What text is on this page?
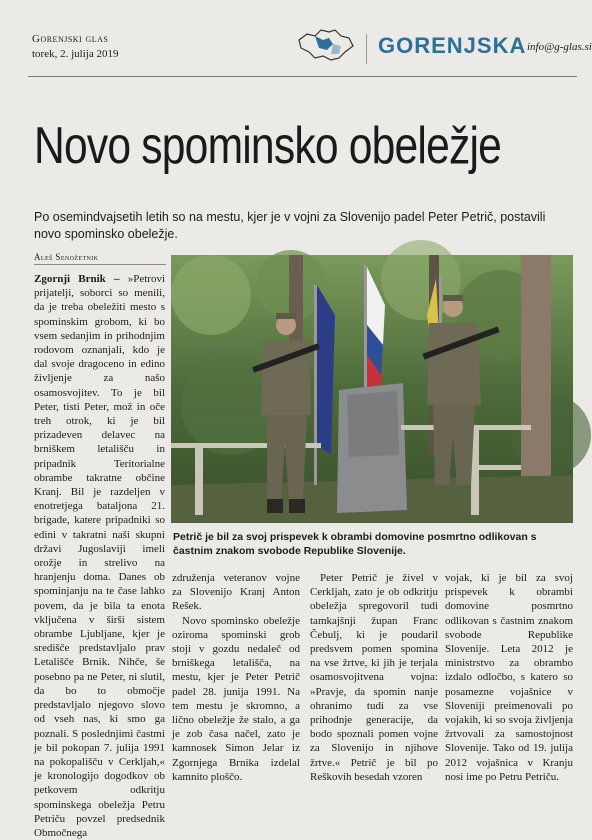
Gorenjski glas
torek, 2. julija 2019	GORENJSKA info@g-glas.si
Novo spominsko obeležje
Po osemindvajsetih letih so na mestu, kjer je v vojni za Slovenijo padel Peter Petrič, postavili novo spominsko obeležje.
Aleš Senožetnik

Zgornji Brnik – »Petrovi prijatelji, soborci so menili, da je treba obeležiti mesto s spominskim grobom, ki bo vsem sedanjim in prihodnjim rodovom oznanjali, kdo je dal svoje dragoceno in edino življenje za našo osamosvojitev. To je bil Peter, tisti Peter, mož in oče treh otrok, ki je bil prizadeven delavec na brniškem letališču in pripadnik Teritorialne obrambe takratne občine Kranj. Bil je razdeljen v enotretjega bataljona 21. brigade, katere pripadniki so edini v takratni naši skupni državi Jugoslaviji imeli orožje in strelivo na hranjenju doma. Danes ob spominjanju na te čase lahko povem, da je bila ta enota vključena v širši sistem obrambe Ljubljane, kjer je središče predstavljalo prav Letališče Brnik. Nihče, še posebno pa ne Peter, ni slutil, da bo to območje predstavljalo njegovo slovo od vseh nas, ki smo ga poznali. S poslednjimi častmi je bil pokopan 7. julija 1991 na pokopališču v Cerkljah,« je kronologijo dogodkov ob petkovem odkritju spominskega obeležja Petru Petriču povzel predsednik Območnega

Petrič je bil za svoj prispevek k obrambi domovine posmrtno odlikovan s častnim znakom svobode Republike Slovenije.

združenja veteranov vojne za Slovenijo Kranj Anton Rešek.

Novo spominsko obeležje oziroma spominski grob stoji v gozdu nedaleč od brniškega letališča, na mestu, kjer je Peter Petrič padel 28. junija 1991. Na tem mestu je skromno, a lično obeležje že stalo, a ga je zob časa načel, zato je kamnosek Simon Jelar iz Zgornjega Brnika izdelal kamnito ploščo.

Peter Petrič je živel v Cerkljah, zato je ob odkritju obeležja spregovoril tudi tamkajšnji župan Franc Čebulj, ki je poudaril predsvem pomen spomina na vse žrtve, ki jih je terjala osamosvojitvena vojna: »Pravje, da spomin nanje ohranimo tudi za vse prihodnje generacije, da bodo spoznali pomen vojne za Slovenijo in njihove žrtve.« Petrič je bil po Reškovih besedah vzoren

vojak, ki je bil za svoj prispevek k obrambi domovine posmrtno odlikovan s častnim znakom svobode Republike Slovenije. Leta 2012 je ministrstvo za obrambo izdalo odločbo, s katero so posamezne vojašnice v Sloveniji preimenovali po vojakih, ki so svoja življenja žrtvovali za samostojnost Slovenije. Tako od 19. julija 2012 vojašnica v Kranju nosi ime po Petru Petriču.
